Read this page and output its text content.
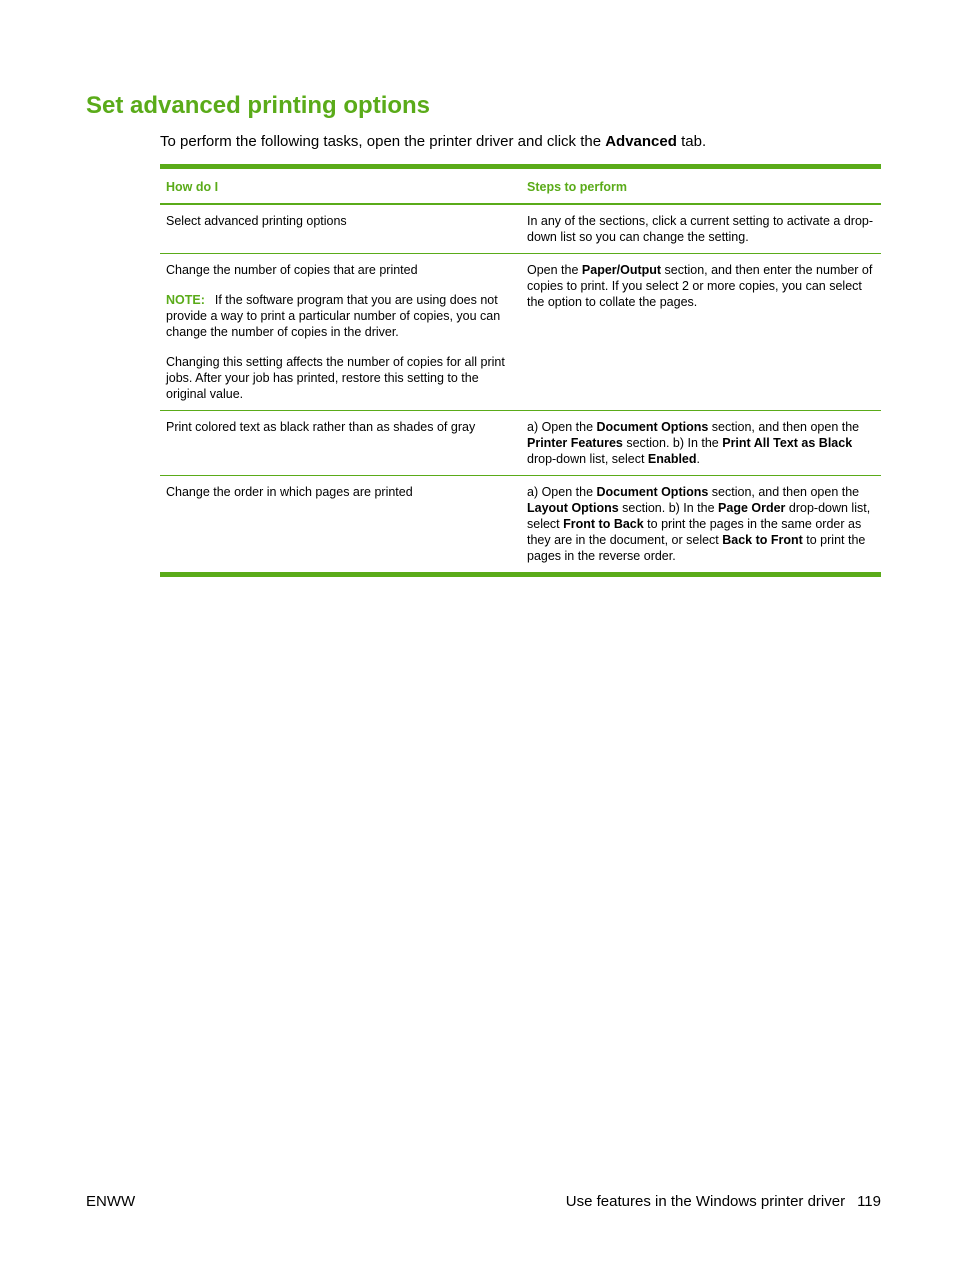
Set advanced printing options

To perform the following tasks, open the printer driver and click the Advanced tab.

How do I	Steps to perform

Select advanced printing options	In any of the sections, click a current setting to activate a drop-down list so you can change the setting.

Change the number of copies that are printed

NOTE: If the software program that you are using does not provide a way to print a particular number of copies, you can change the number of copies in the driver.

Changing this setting affects the number of copies for all print jobs. After your job has printed, restore this setting to the original value.	Open the Paper/Output section, and then enter the number of copies to print. If you select 2 or more copies, you can select the option to collate the pages.

Print colored text as black rather than as shades of gray	a) Open the Document Options section, and then open the Printer Features section. b) In the Print All Text as Black drop-down list, select Enabled.

Change the order in which pages are printed	a) Open the Document Options section, and then open the Layout Options section. b) In the Page Order drop-down list, select Front to Back to print the pages in the same order as they are in the document, or select Back to Front to print the pages in the reverse order.

ENWW	Use features in the Windows printer driver 119
